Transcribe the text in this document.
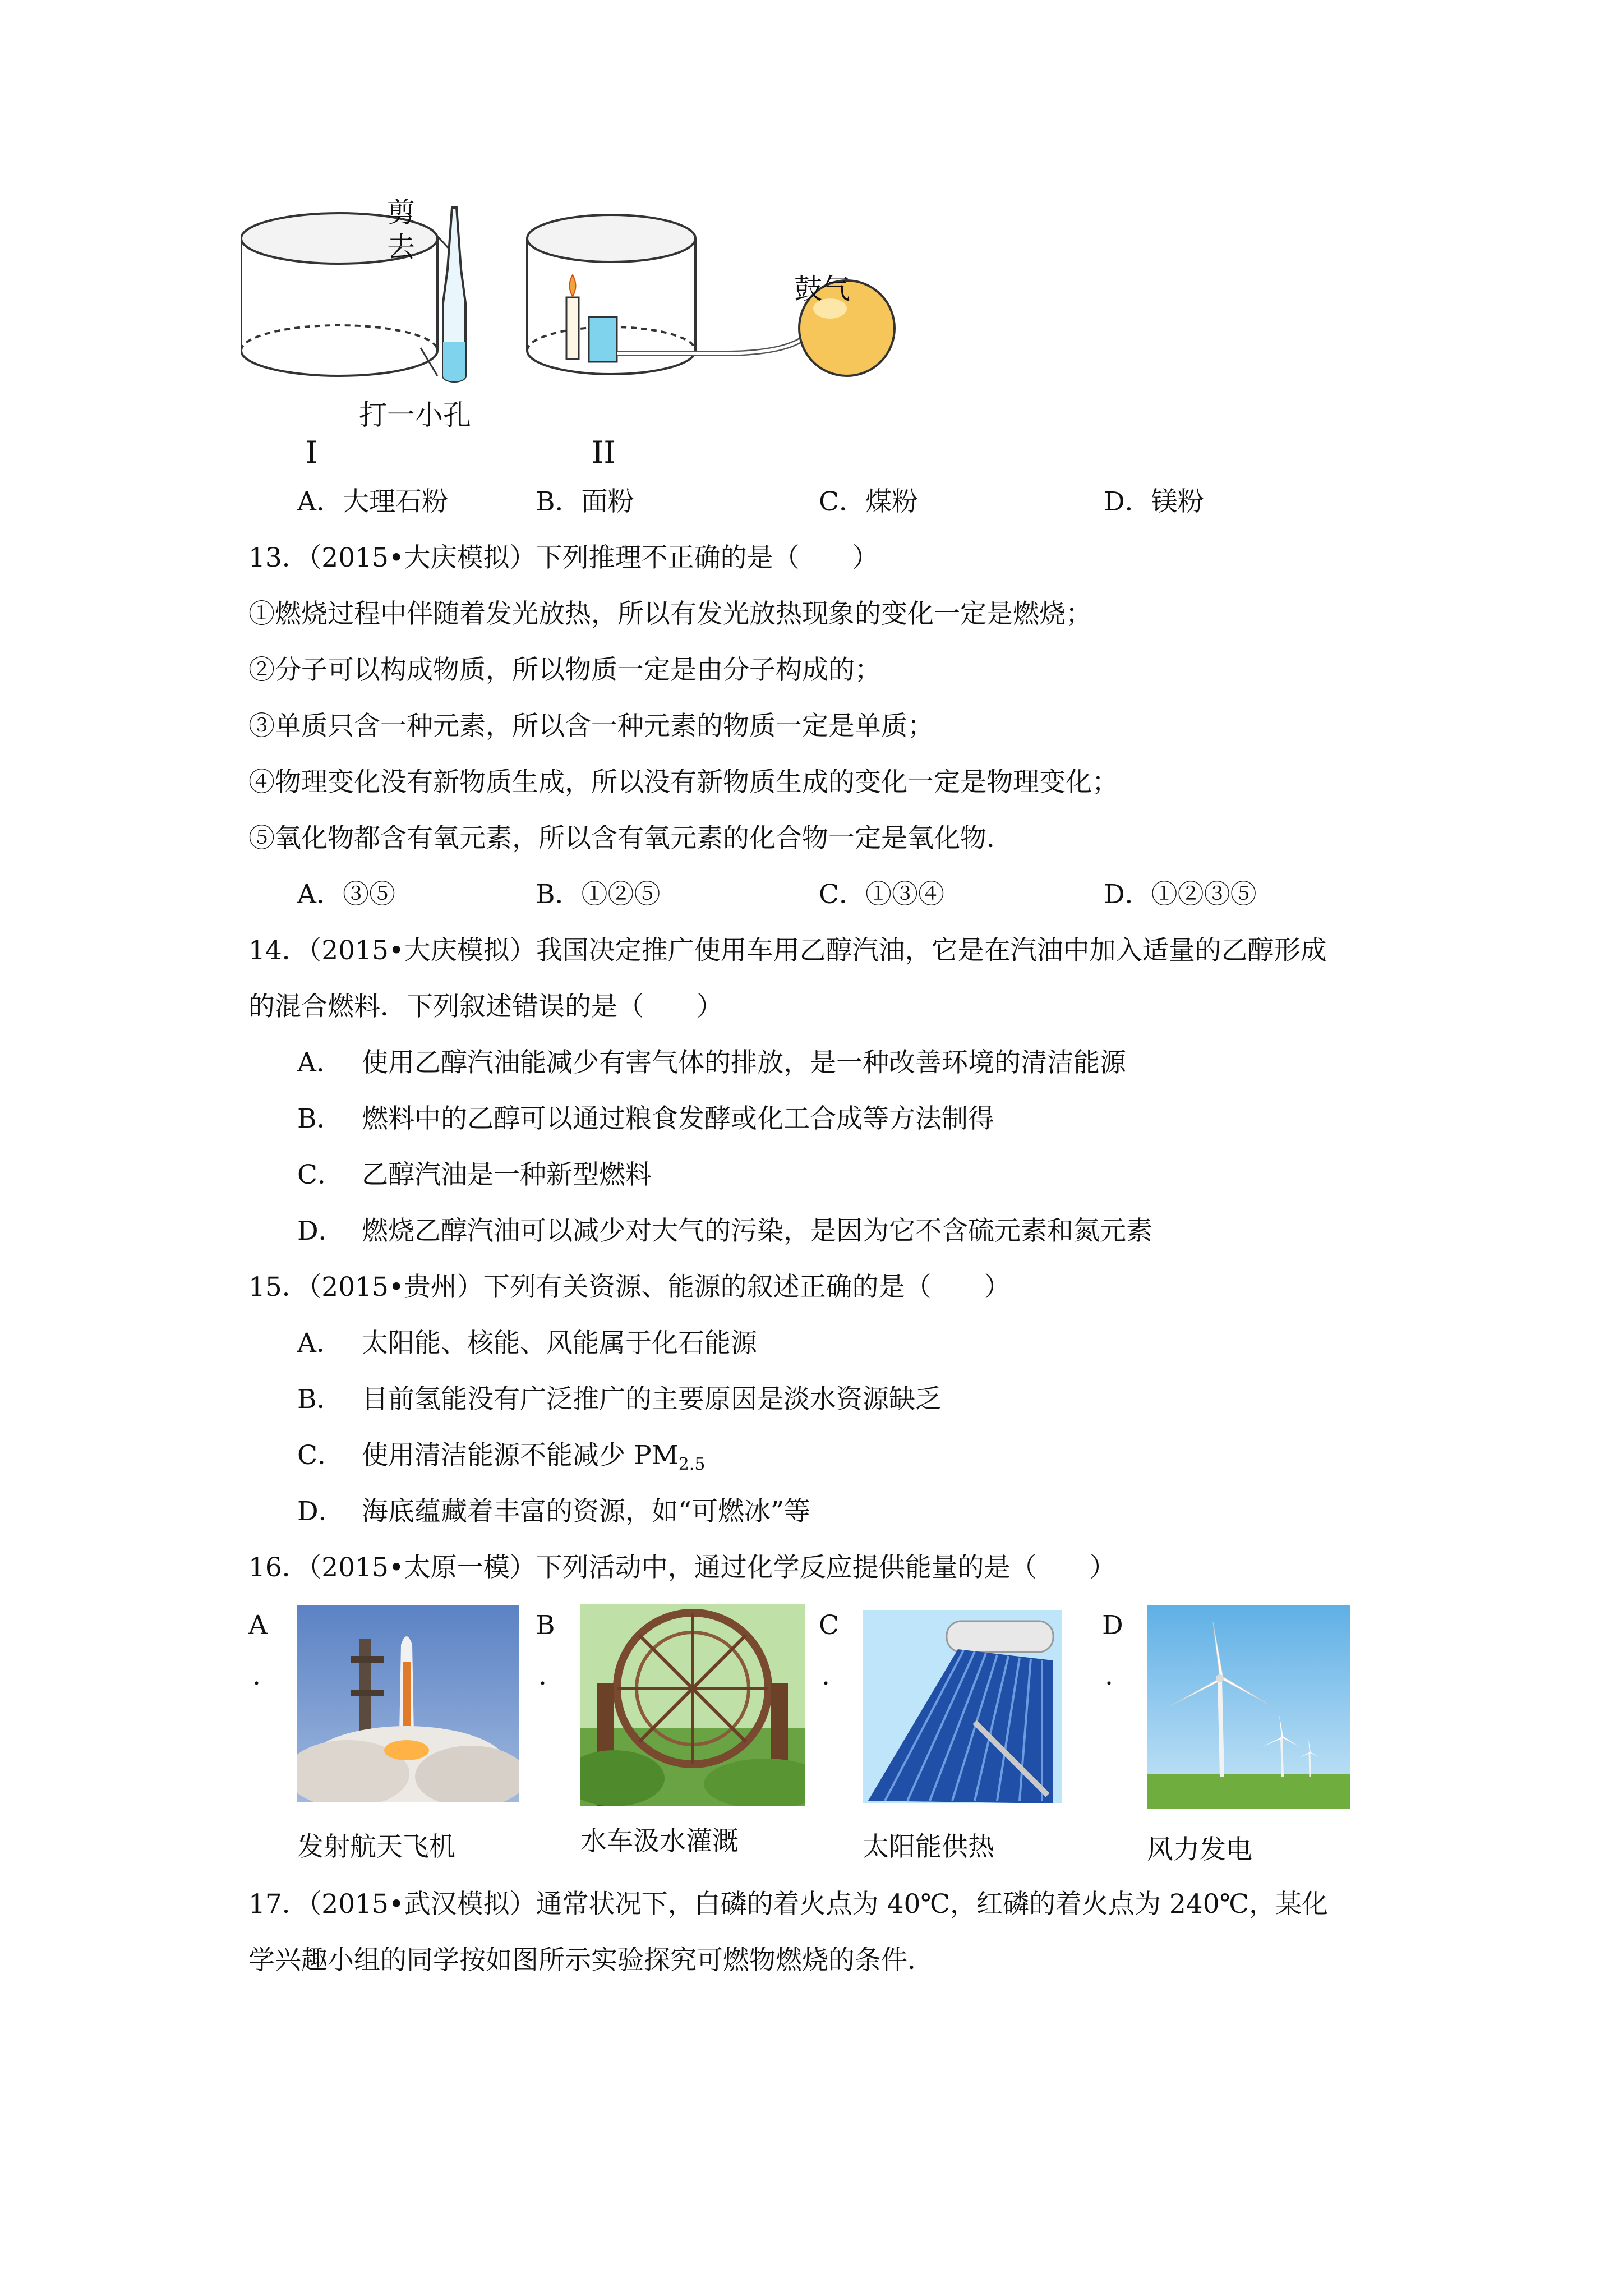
剪
去
打一小孔
鼓气
I	II
A．大理石粉	B．面粉	C．煤粉	D．镁粉
13．（2015•大庆模拟）下列推理不正确的是（　　）
①燃烧过程中伴随着发光放热，所以有发光放热现象的变化一定是燃烧；
②分子可以构成物质，所以物质一定是由分子构成的；
③单质只含一种元素，所以含一种元素的物质一定是单质；
④物理变化没有新物质生成，所以没有新物质生成的变化一定是物理变化；
⑤氧化物都含有氧元素，所以含有氧元素的化合物一定是氧化物．
A．③⑤	B．①②⑤	C．①③④	D．①②③⑤
14．（2015•大庆模拟）我国决定推广使用车用乙醇汽油，它是在汽油中加入适量的乙醇形成
的混合燃料．下列叙述错误的是（　　）
A． 使用乙醇汽油能减少有害气体的排放，是一种改善环境的清洁能源
B． 燃料中的乙醇可以通过粮食发酵或化工合成等方法制得
C． 乙醇汽油是一种新型燃料
D． 燃烧乙醇汽油可以减少对大气的污染，是因为它不含硫元素和氮元素
15．（2015•贵州）下列有关资源、能源的叙述正确的是（　　）
A． 太阳能、核能、风能属于化石能源
B． 目前氢能没有广泛推广的主要原因是淡水资源缺乏
C． 使用清洁能源不能减少 $PM_{2.5}$
D． 海底蕴藏着丰富的资源，如“可燃冰”等
16．（2015•太原一模）下列活动中，通过化学反应提供能量的是（　　）
A
.
发射航天飞机
B
.
水车汲水灌溉
C
.
太阳能供热
D
.
风力发电
17．（2015•武汉模拟）通常状况下，白磷的着火点为 40℃，红磷的着火点为 240℃，某化
学兴趣小组的同学按如图所示实验探究可燃物燃烧的条件．
